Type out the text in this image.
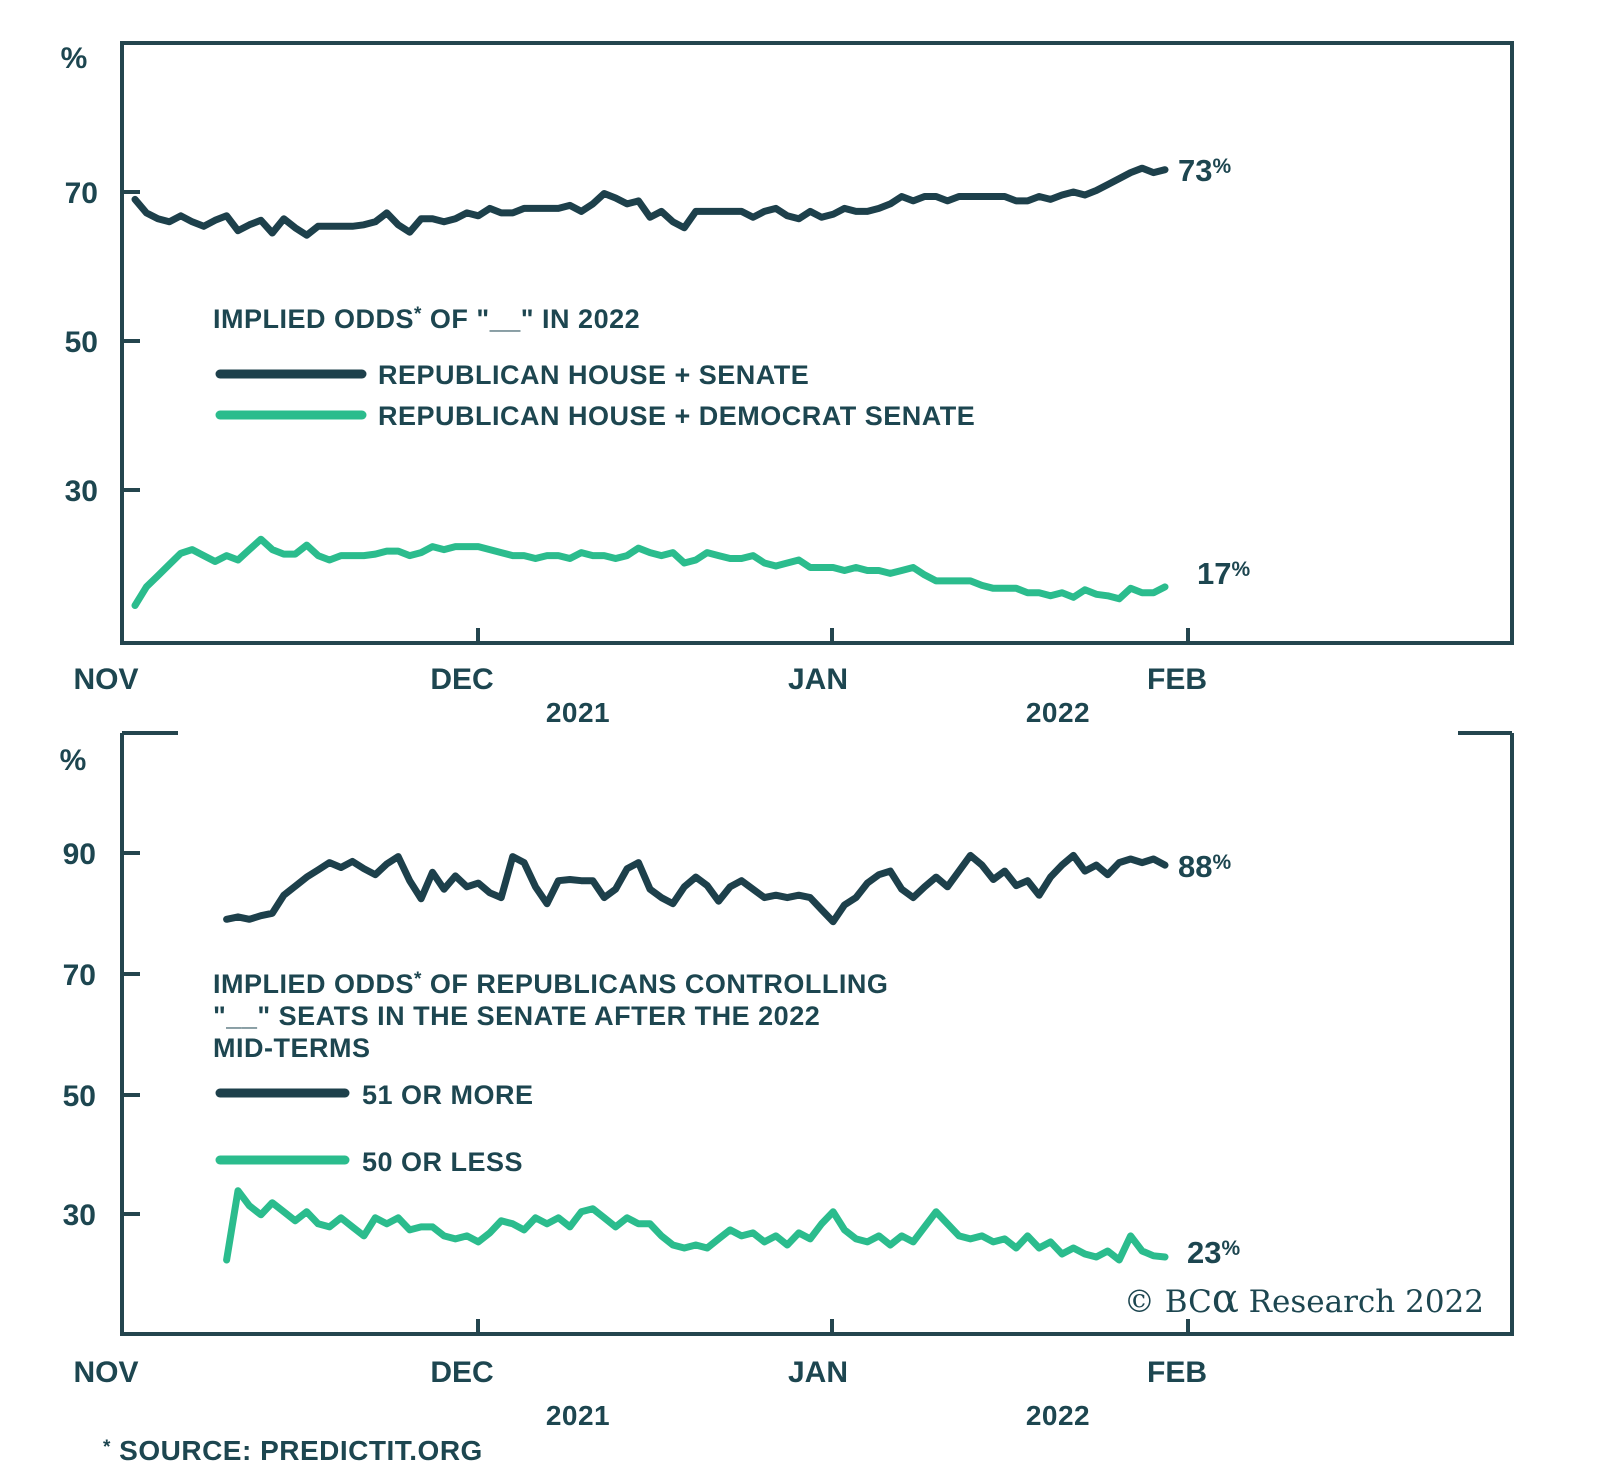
%
70
50
30
NOV	DEC	JAN	FEB
2021	2022
IMPLIED ODDS* OF "__" IN 2022
REPUBLICAN HOUSE + SENATE
REPUBLICAN HOUSE + DEMOCRAT SENATE
73%
17%
%
90
70
50
30
NOV	DEC	JAN	FEB
2021	2022
IMPLIED ODDS* OF REPUBLICANS CONTROLLING
"__" SEATS IN THE SENATE AFTER THE 2022
MID-TERMS
51 OR MORE
50 OR LESS
88%
23%
© BCα Research 2022
* SOURCE: PREDICTIT.ORG
